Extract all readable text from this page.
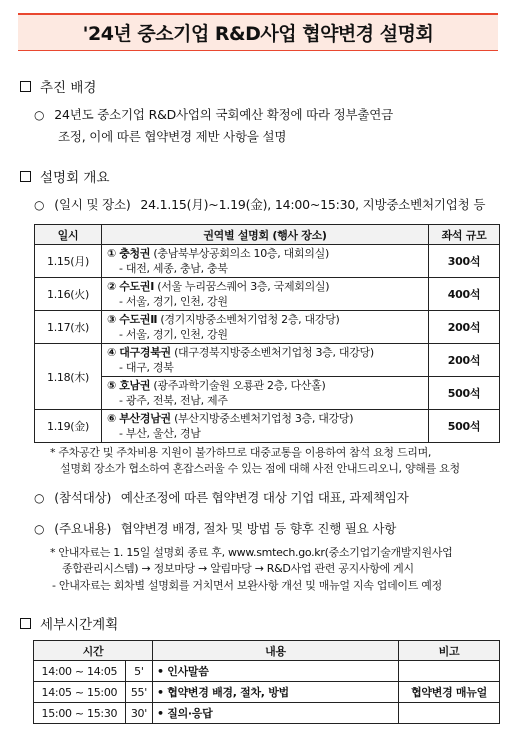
'24년 중소기업 R&D사업 협약변경 설명회
추진 배경
○ 24년도 중소기업 R&D사업의 국회예산 확정에 따라 정부출연금
조정, 이에 따른 협약변경 제반 사항을 설명
설명회 개요
○ (일시 및 장소) 24.1.15(月)~1.19(金), 14:00~15:30, 지방중소벤처기업청 등
일시	권역별 설명회 (행사 장소)	좌석 규모
1.15(月)	① 충청권 (충남북부상공회의소 10층, 대회의실)
- 대전, 세종, 충남, 충북	300석
1.16(火)	② 수도권Ⅰ (서울 누리꿈스퀘어 3층, 국제회의실)
- 서울, 경기, 인천, 강원	400석
1.17(水)	③ 수도권Ⅱ (경기지방중소벤처기업청 2층, 대강당)
- 서울, 경기, 인천, 강원	200석
1.18(木)	④ 대구경북권 (대구경북지방중소벤처기업청 3층, 대강당)
- 대구, 경북	200석

	⑤ 호남권 (광주과학기술원 오룡관 2층, 다산홀)
- 광주, 전북, 전남, 제주	500석
1.19(金)	⑥ 부산경남권 (부산지방중소벤처기업청 3층, 대강당)
- 부산, 울산, 경남	500석
* 주차공간 및 주차비용 지원이 불가하므로 대중교통을 이용하여 참석 요청 드리며,
설명회 장소가 협소하여 혼잡스러울 수 있는 점에 대해 사전 안내드리오니, 양해를 요청
○ (참석대상) 예산조정에 따른 협약변경 대상 기업 대표, 과제책임자
○ (주요내용) 협약변경 배경, 절차 및 방법 등 향후 진행 필요 사항
* 안내자료는 1. 15일 설명회 종료 후, www.smtech.go.kr(중소기업기술개발지원사업
종합관리시스템) → 정보마당 → 알림마당 → R&D사업 관련 공지사항에 게시
- 안내자료는 회차별 설명회를 거치면서 보완사항 개선 및 매뉴얼 지속 업데이트 예정
세부시간계획
시간		내용	비고
14:00 ~ 14:05	5'	• 인사말씀	
14:05 ~ 15:00	55'	• 협약변경 배경, 절차, 방법	협약변경 매뉴얼
15:00 ~ 15:30	30'	• 질의·응답	
